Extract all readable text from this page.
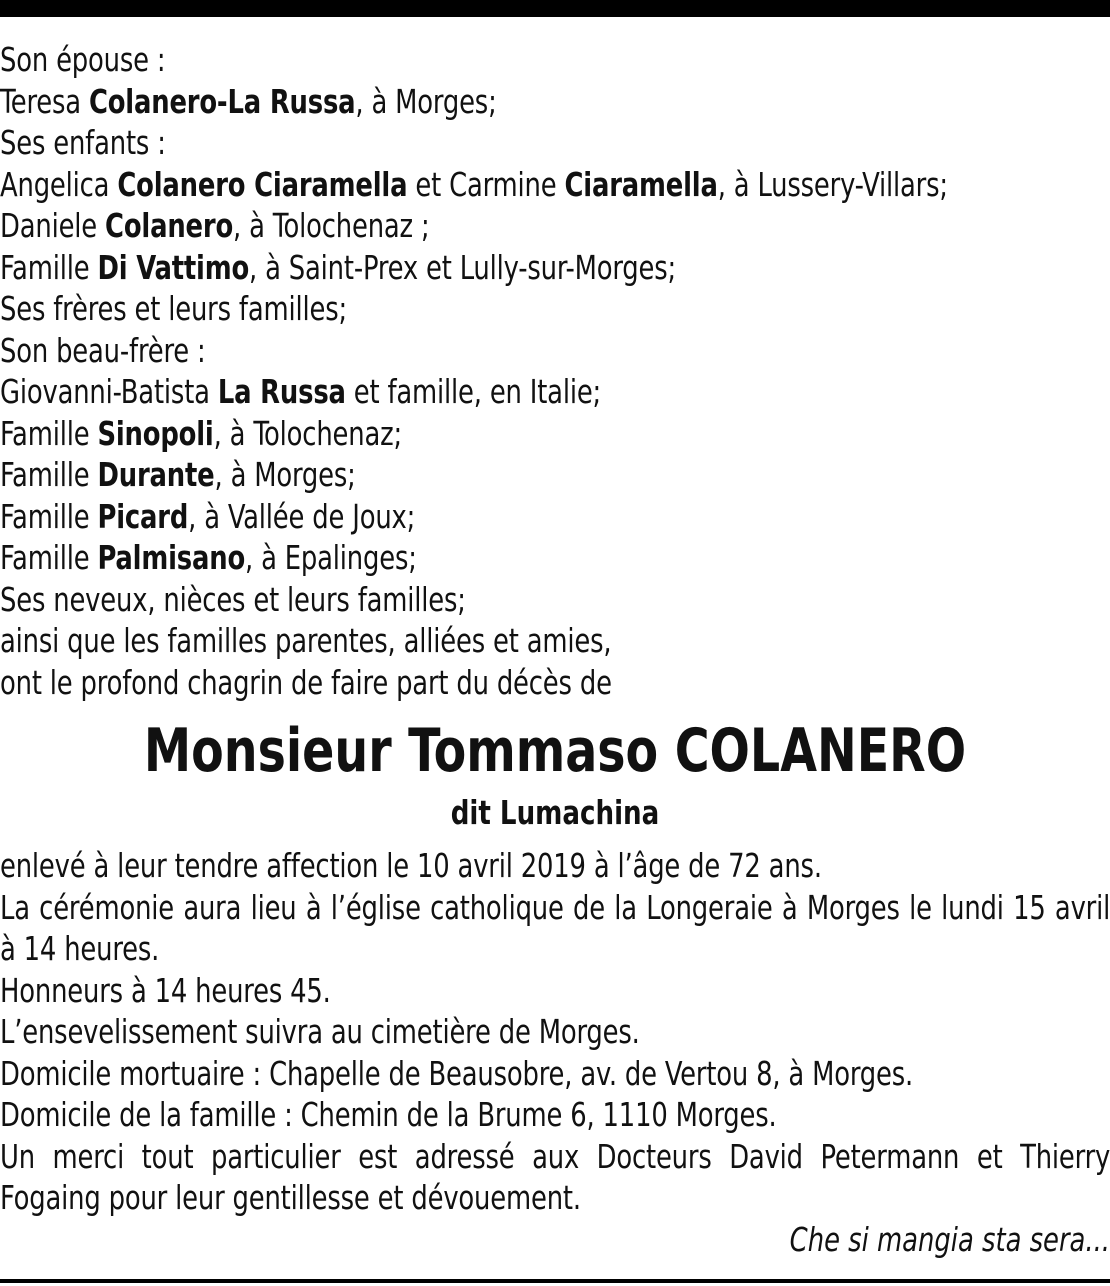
Son épouse :
Teresa Colanero-La Russa, à Morges;
Ses enfants :
Angelica Colanero Ciaramella et Carmine Ciaramella, à Lussery-Villars;
Daniele Colanero, à Tolochenaz ;
Famille Di Vattimo, à Saint-Prex et Lully-sur-Morges;
Ses frères et leurs familles;
Son beau-frère :
Giovanni-Batista La Russa et famille, en Italie;
Famille Sinopoli, à Tolochenaz;
Famille Durante, à Morges;
Famille Picard, à Vallée de Joux;
Famille Palmisano, à Epalinges;
Ses neveux, nièces et leurs familles;
ainsi que les familles parentes, alliées et amies,
ont le profond chagrin de faire part du décès de
Monsieur Tommaso COLANERO
dit Lumachina
enlevé à leur tendre affection le 10 avril 2019 à l’âge de 72 ans.
La cérémonie aura lieu à l’église catholique de la Longeraie à Morges le lundi 15 avril à 14 heures.
Honneurs à 14 heures 45.
L’ensevelissement suivra au cimetière de Morges.
Domicile mortuaire : Chapelle de Beausobre, av. de Vertou 8, à Morges.
Domicile de la famille : Chemin de la Brume 6, 1110 Morges.
Un merci tout particulier est adressé aux Docteurs David Petermann et Thierry Fogaing pour leur gentillesse et dévouement.
Che si mangia sta sera...
